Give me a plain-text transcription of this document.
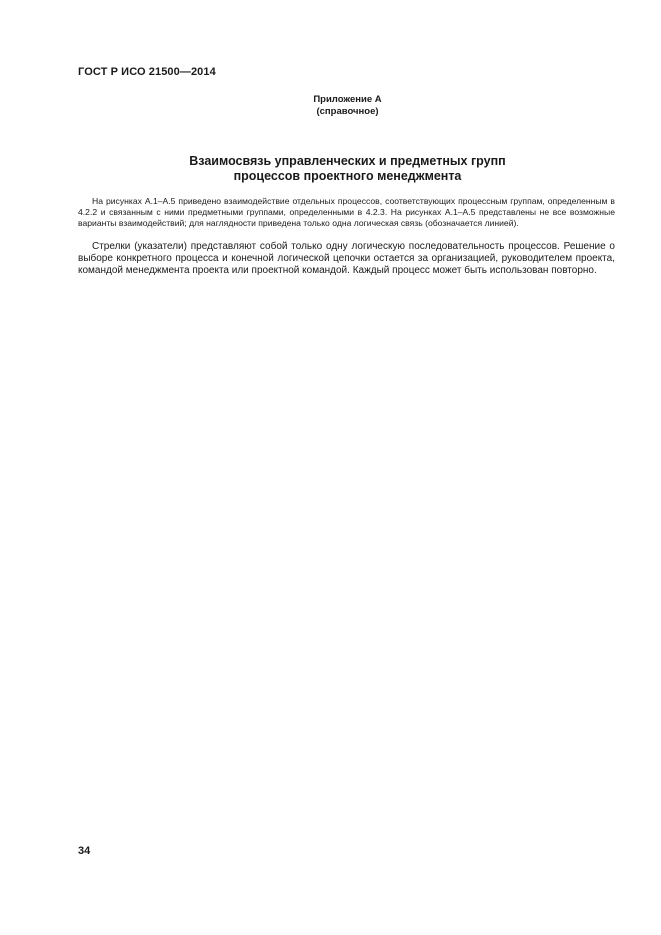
ГОСТ Р ИСО 21500—2014
Приложение А
(справочное)
Взаимосвязь управленческих и предметных групп
процессов проектного менеджмента

На рисунках А.1–А.5 приведено взаимодействие отдельных процессов, соответствующих процессным группам, определенным в 4.2.2 и связанным с ними предметными группами, определенными в 4.2.3. На рисунках А.1–А.5 представлены не все возможные варианты взаимодействий; для наглядности приведена только одна логическая связь (обозначается линией).

Стрелки (указатели) представляют собой только одну логическую последовательность процессов. Решение о выборе конкретного процесса и конечной логической цепочки остается за организацией, руководителем проекта, командой менеджмента проекта или проектной командой. Каждый процесс может быть использован повторно.

34
